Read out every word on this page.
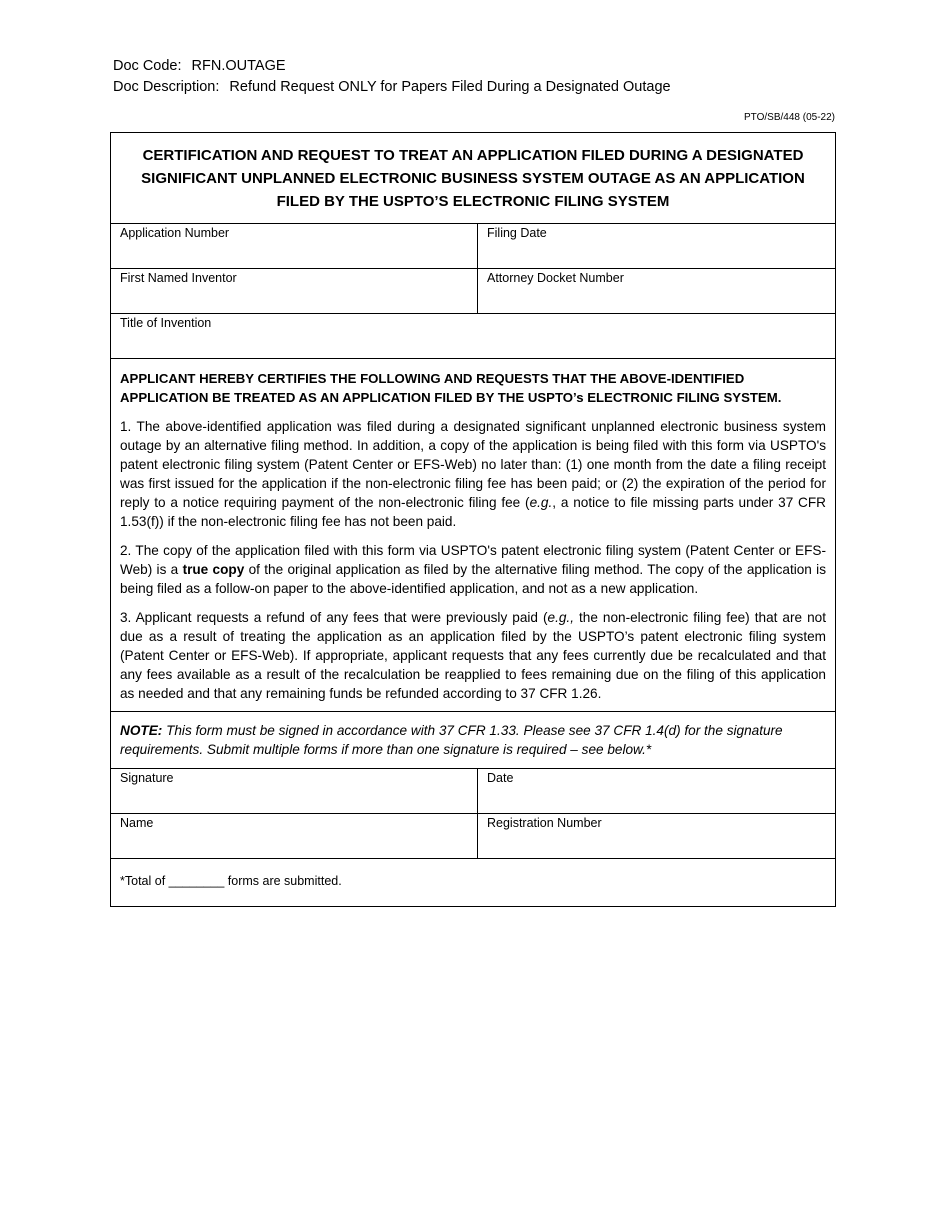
Doc Code: RFN.OUTAGE
Doc Description: Refund Request ONLY for Papers Filed During a Designated Outage
PTO/SB/448 (05-22)
CERTIFICATION AND REQUEST TO TREAT AN APPLICATION FILED DURING A DESIGNATED
SIGNIFICANT UNPLANNED ELECTRONIC BUSINESS SYSTEM OUTAGE AS AN APPLICATION
FILED BY THE USPTO’S ELECTRONIC FILING SYSTEM
Application Number	Filing Date
First Named Inventor	Attorney Docket Number
Title of Invention
APPLICANT HEREBY CERTIFIES THE FOLLOWING AND REQUESTS THAT THE ABOVE-IDENTIFIED APPLICATION BE TREATED AS AN APPLICATION FILED BY THE USPTO’s ELECTRONIC FILING SYSTEM.
1. The above-identified application was filed during a designated significant unplanned electronic business system outage by an alternative filing method. In addition, a copy of the application is being filed with this form via USPTO's patent electronic filing system (Patent Center or EFS-Web) no later than: (1) one month from the date a filing receipt was first issued for the application if the non-electronic filing fee has been paid; or (2) the expiration of the period for reply to a notice requiring payment of the non-electronic filing fee (e.g., a notice to file missing parts under 37 CFR 1.53(f)) if the non-electronic filing fee has not been paid.
2. The copy of the application filed with this form via USPTO's patent electronic filing system (Patent Center or EFS-Web) is a true copy of the original application as filed by the alternative filing method. The copy of the application is being filed as a follow-on paper to the above-identified application, and not as a new application.
3. Applicant requests a refund of any fees that were previously paid (e.g., the non-electronic filing fee) that are not due as a result of treating the application as an application filed by the USPTO’s patent electronic filing system (Patent Center or EFS-Web). If appropriate, applicant requests that any fees currently due be recalculated and that any fees available as a result of the recalculation be reapplied to fees remaining due on the filing of this application as needed and that any remaining funds be refunded according to 37 CFR 1.26.
NOTE: This form must be signed in accordance with 37 CFR 1.33. Please see 37 CFR 1.4(d) for the signature requirements. Submit multiple forms if more than one signature is required – see below.*
Signature	Date
Name	Registration Number
*Total of ________ forms are submitted.
